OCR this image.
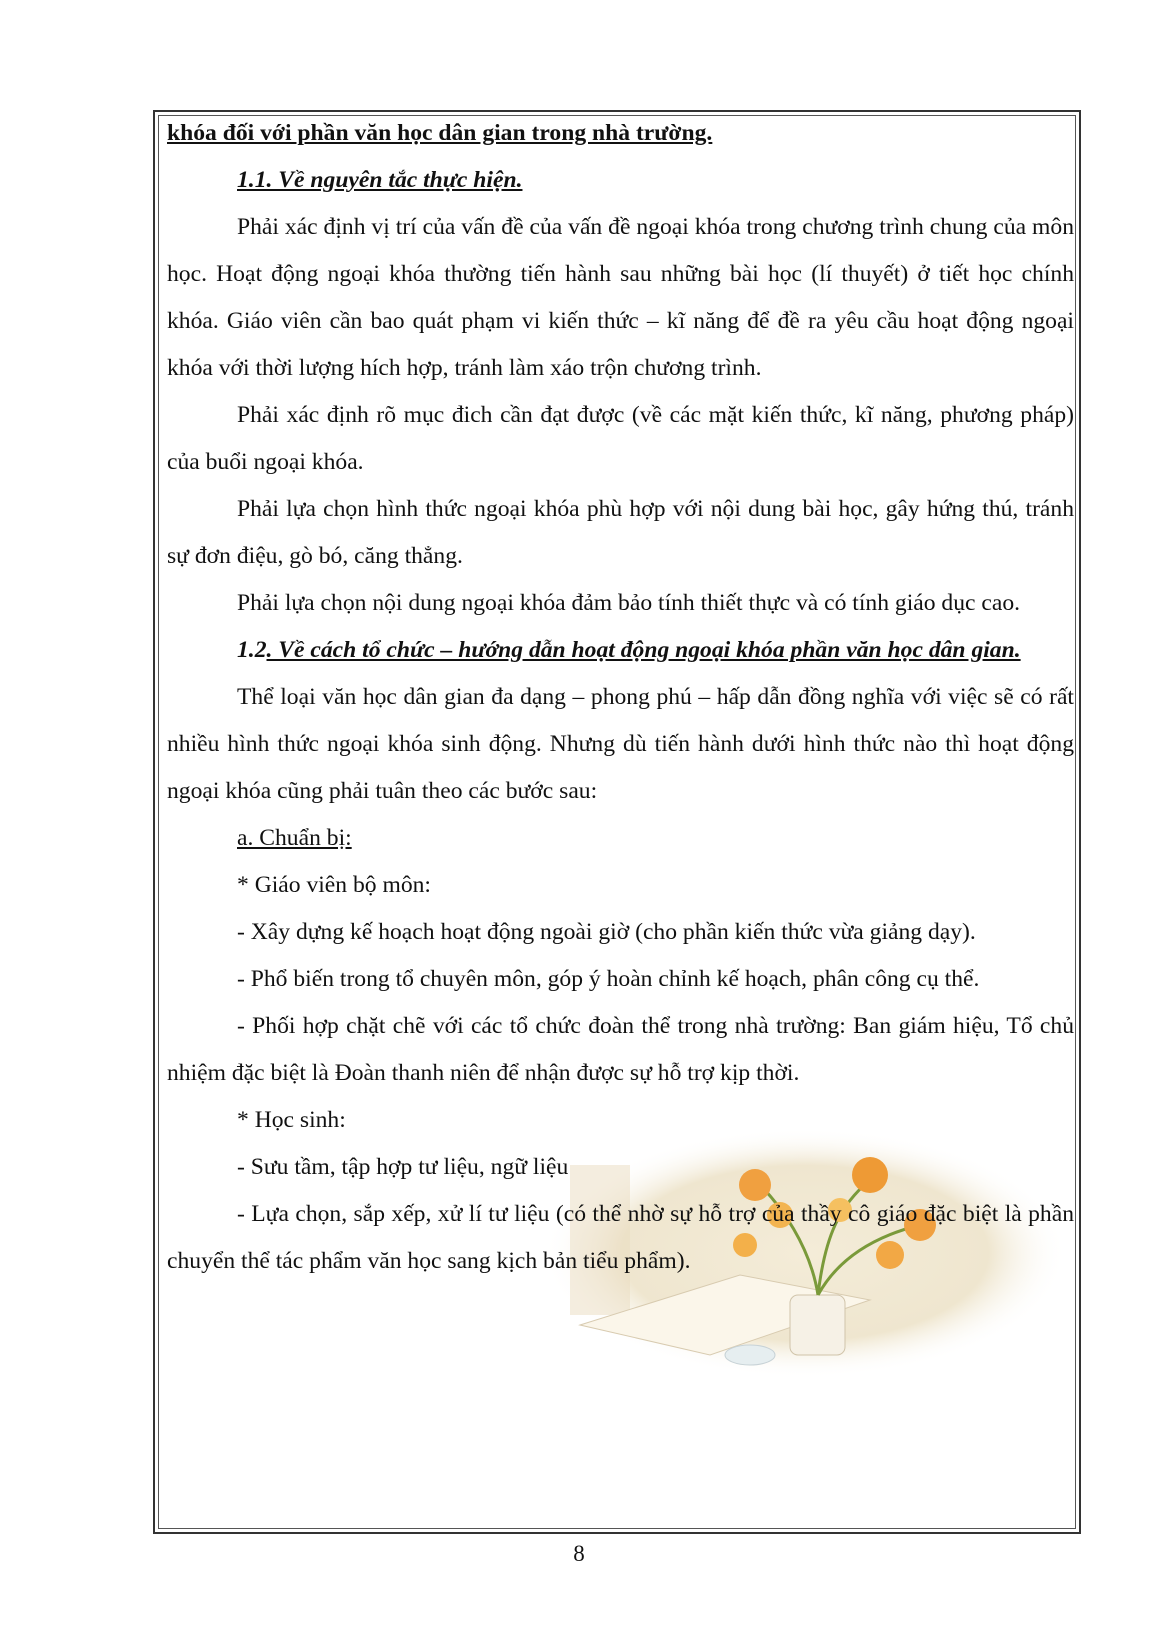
khóa đối với phần văn học dân gian trong nhà trường.

1.1. Về nguyên tắc thực hiện.

Phải xác định vị trí của vấn đề của vấn đề ngoại khóa trong chương trình chung của môn học. Hoạt động ngoại khóa thường tiến hành sau những bài học (lí thuyết) ở tiết học chính khóa. Giáo viên cần bao quát phạm vi kiến thức – kĩ năng để đề ra yêu cầu hoạt động ngoại khóa với thời lượng hích hợp, tránh làm xáo trộn chương trình.

Phải xác định rõ mục đich cần đạt được (về các mặt kiến thức, kĩ năng, phương pháp) của buổi ngoại khóa.

Phải lựa chọn hình thức ngoại khóa phù hợp với nội dung bài học, gây hứng thú, tránh sự đơn điệu, gò bó, căng thẳng.

Phải lựa chọn nội dung ngoại khóa đảm bảo tính thiết thực và có tính giáo dục cao.

1.2. Về cách tổ chức – hướng dẫn hoạt động ngoại khóa phần văn học dân gian.

Thể loại văn học dân gian đa dạng – phong phú – hấp dẫn đồng nghĩa với việc sẽ có rất nhiều hình thức ngoại khóa sinh động. Nhưng dù tiến hành dưới hình thức nào thì hoạt động ngoại khóa cũng phải tuân theo các bước sau:

a. Chuẩn bị:

* Giáo viên bộ môn:

- Xây dựng kế hoạch hoạt động ngoài giờ (cho phần kiến thức vừa giảng dạy).

- Phổ biến trong tổ chuyên môn, góp ý hoàn chỉnh kế hoạch, phân công cụ thể.

- Phối hợp chặt chẽ với các tổ chức đoàn thể trong nhà trường: Ban giám hiệu, Tổ chủ nhiệm đặc biệt là Đoàn thanh niên để nhận được sự hỗ trợ kịp thời.

* Học sinh:

- Sưu tầm, tập hợp tư liệu, ngữ liệu

- Lựa chọn, sắp xếp, xử lí tư liệu (có thể nhờ sự hỗ trợ của thầy cô giáo đặc biệt là phần chuyển thể tác phẩm văn học sang kịch bản tiểu phẩm).

8
